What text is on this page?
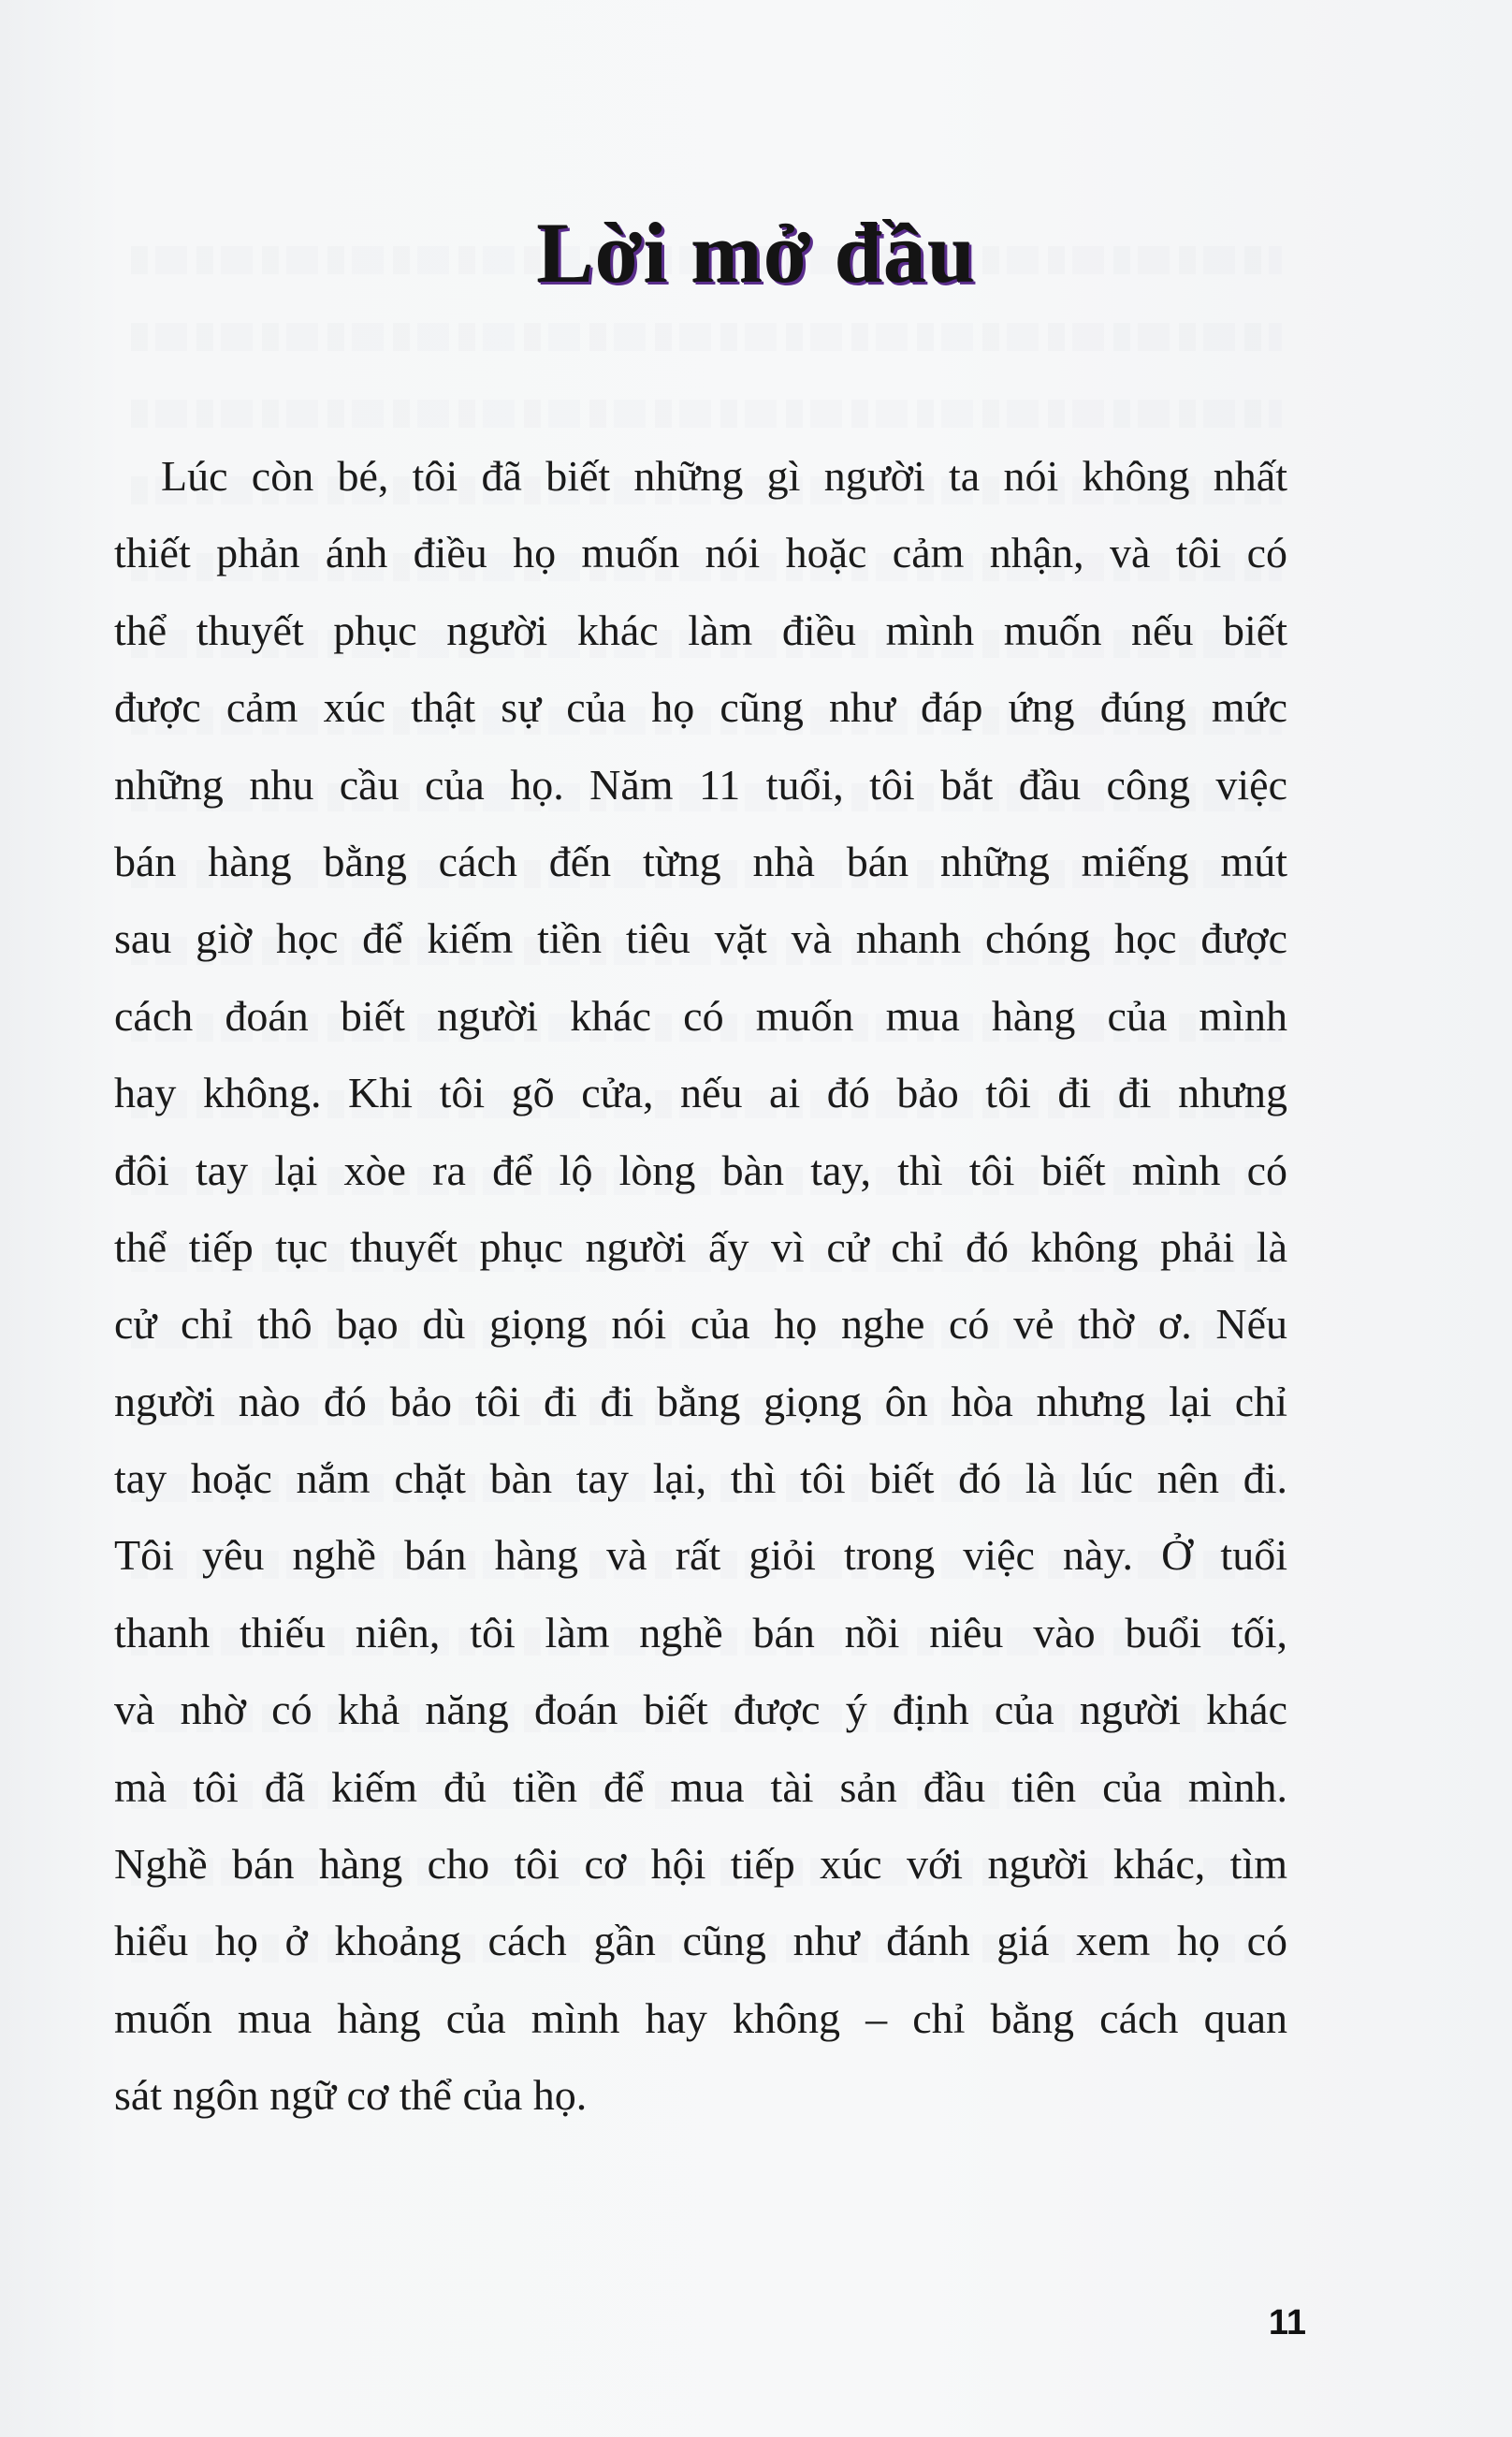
Lời mở đầu
Lúc còn bé, tôi đã biết những gì người ta nói không nhất
thiết phản ánh điều họ muốn nói hoặc cảm nhận, và tôi có
thể thuyết phục người khác làm điều mình muốn nếu biết
được cảm xúc thật sự của họ cũng như đáp ứng đúng mức
những nhu cầu của họ. Năm 11 tuổi, tôi bắt đầu công việc
bán hàng bằng cách đến từng nhà bán những miếng mút
sau giờ học để kiếm tiền tiêu vặt và nhanh chóng học được
cách đoán biết người khác có muốn mua hàng của mình
hay không. Khi tôi gõ cửa, nếu ai đó bảo tôi đi đi nhưng
đôi tay lại xòe ra để lộ lòng bàn tay, thì tôi biết mình có
thể tiếp tục thuyết phục người ấy vì cử chỉ đó không phải là
cử chỉ thô bạo dù giọng nói của họ nghe có vẻ thờ ơ. Nếu
người nào đó bảo tôi đi đi bằng giọng ôn hòa nhưng lại chỉ
tay hoặc nắm chặt bàn tay lại, thì tôi biết đó là lúc nên đi.
Tôi yêu nghề bán hàng và rất giỏi trong việc này. Ở tuổi
thanh thiếu niên, tôi làm nghề bán nồi niêu vào buổi tối,
và nhờ có khả năng đoán biết được ý định của người khác
mà tôi đã kiếm đủ tiền để mua tài sản đầu tiên của mình.
Nghề bán hàng cho tôi cơ hội tiếp xúc với người khác, tìm
hiểu họ ở khoảng cách gần cũng như đánh giá xem họ có
muốn mua hàng của mình hay không – chỉ bằng cách quan
sát ngôn ngữ cơ thể của họ.
11
